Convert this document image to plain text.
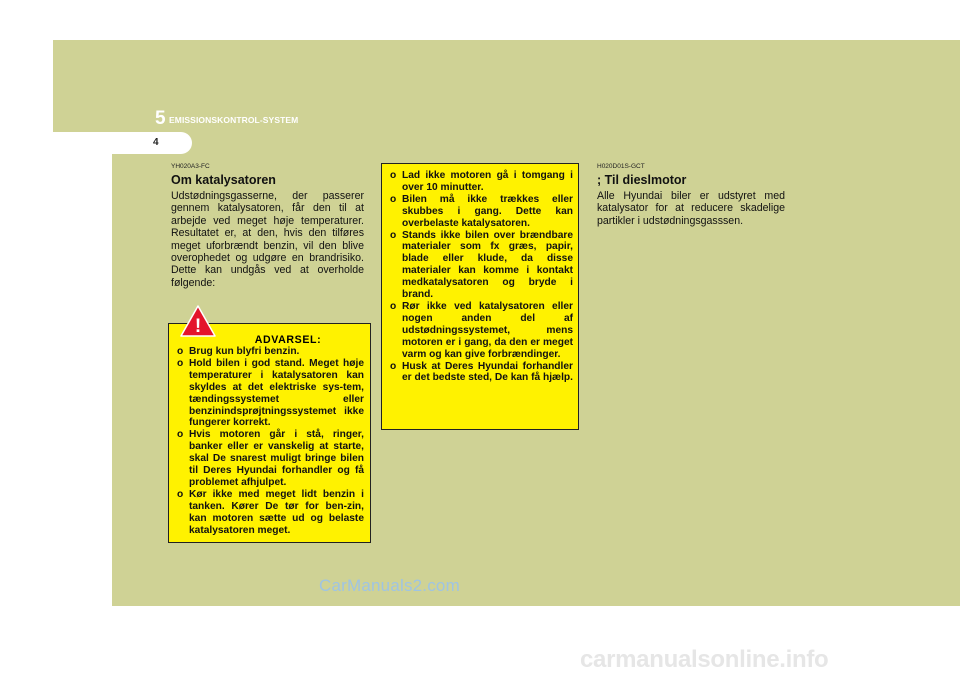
5 EMISSIONSKONTROL-SYSTEM
4
YH020A3-FC
Om katalysatoren
Udstødningsgasserne, der passerer gennem katalysatoren, får den til at arbejde ved meget høje temperaturer. Resultatet er, at den, hvis den tilføres meget uforbrændt benzin, vil den blive overophedet og udgøre en brandrisiko. Dette kan undgås ved at overholde følgende:
ADVARSEL:
o Brug kun blyfri benzin.
o Hold bilen i god stand. Meget høje temperaturer i katalysatoren kan skyldes at det elektriske sys-tem, tændingssystemet eller benzinindsprøjtningssystemet ikke fungerer korrekt.
o Hvis motoren går i stå, ringer, banker eller er vanskelig at starte, skal De snarest muligt bringe bilen til Deres Hyundai forhandler og få problemet afhjulpet.
o Kør ikke med meget lidt benzin i tanken. Kører De tør for ben-zin, kan motoren sætte ud og belaste katalysatoren meget.
!
o Lad ikke motoren gå i tomgang i over 10 minutter.
o Bilen må ikke trækkes eller skubbes i gang. Dette kan overbelaste katalysatoren.
o Stands ikke bilen over brændbare materialer som fx græs, papir, blade eller klude, da disse materialer kan komme i kontakt medkatalysatoren og bryde i brand.
o Rør ikke ved katalysatoren eller nogen anden del af udstødningssystemet, mens motoren er i gang, da den er meget varm og kan give forbrændinger.
o Husk at Deres Hyundai forhandler er det bedste sted, De kan få hjælp.
H020D01S-GCT
; Til dieslmotor
Alle Hyundai biler er udstyret med katalysator for at reducere skadelige partikler i udstødningsgasssen.
CarManuals2.com
carmanualsonline.info
